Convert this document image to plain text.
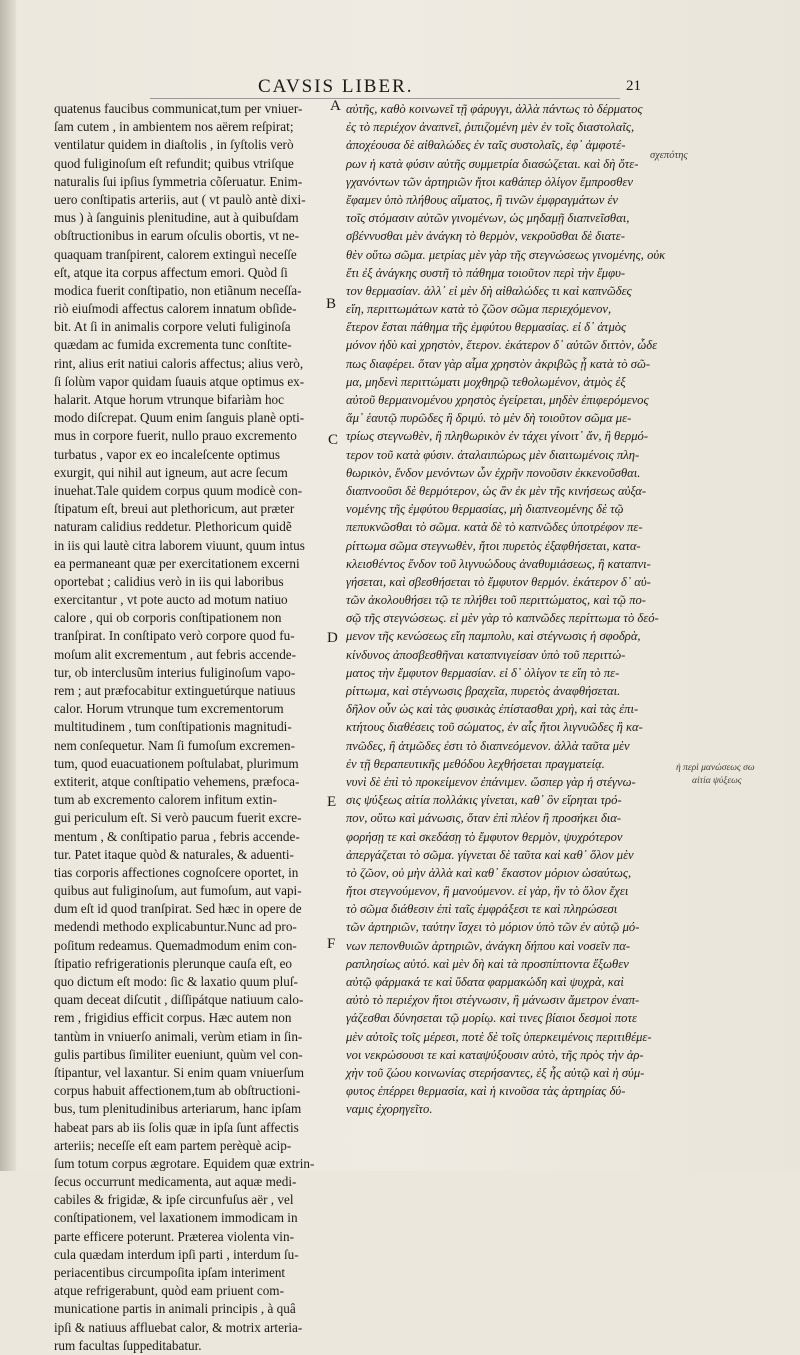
CAVSIS LIBER.	21
quatenus faucibus communicat,tum per vniuer-
ſam cutem , in ambientem nos aërem reſpirat;
ventilatur quidem in diaſtolis , in ſyſtolis verò
quod fuliginoſum eſt refundit; quibus vtriſque
naturalis ſui ipſius ſymmetria cõſeruatur. Enim-
uero conſtipatis arteriis, aut ( vt paulò antè dixi-
mus ) à ſanguinis plenitudine, aut à quibuſdam
obſtructionibus in earum oſculis obortis, vt ne-
quaquam tranſpirent, calorem extinguì neceſſe
eſt, atque ita corpus affectum emori. Quòd ſi
modica fuerit conſtipatio, non etiãnum neceſſa-
riò eiuſmodi affectus calorem innatum obſide-
bit. At ſi in animalis corpore veluti fuliginoſa
quædam ac fumida excrementa tunc conſtite-
rint, alius erit natiui caloris affectus; alius verò,
ſi ſolùm vapor quidam ſuauis atque optimus ex-
halarit. Atque horum vtrunque bifariàm hoc
modo diſcrepat. Quum enim ſanguis planè opti-
mus in corpore fuerit, nullo prauo excremento
turbatus , vapor ex eo incaleſcente optimus
exurgit, qui nihil aut igneum, aut acre ſecum
inuehat.Tale quidem corpus quum modicè con-
ſtipatum eſt, breui aut plethoricum, aut præter
naturam calidius reddetur. Plethoricum quidẽ
in iis qui lautè citra laborem viuunt, quum intus
ea permaneant quæ per exercitationem excerni
oportebat ; calidius verò in iis qui laboribus
exercitantur , vt pote aucto ad motum natiuo
calore , qui ob corporis conſtipationem non
tranſpirat. In conſtipato verò corpore quod fu-
moſum alit excrementum , aut febris accende-
tur, ob interclusũm interius fuliginoſum vapo-
rem ; aut præfocabitur extinguetúrque natiuus
calor. Horum vtrunque tum excrementorum
multitudinem , tum conſtipationis magnitudi-
nem conſequetur. Nam ſi fumoſum excremen-
tum, quod euacuationem poſtulabat, plurimum
extiterit, atque conſtipatio vehemens, præfoca-
tum ab excremento calorem infitum extin-
gui periculum eſt. Si verò paucum fuerit excre-
mentum , & conſtipatio parua , febris accende-
tur. Patet itaque quòd & naturales, & aduenti-
tias corporis affectiones cognoſcere oportet, in
quibus aut fuliginoſum, aut fumoſum, aut vapi-
dum eſt id quod tranſpirat. Sed hæc in opere de
medendi methodo explicabuntur.Nunc ad pro-
poſitum redeamus. Quemadmodum enim con-
ſtipatio refrigerationis plerunque cauſa eſt, eo
quo dictum eſt modo: ſic & laxatio quum pluſ-
quam deceat diſcutit , diſſipátque natiuum calo-
rem , frigidius efficit corpus. Hæc autem non
tantùm in vniuerſo animali, verùm etiam in ſin-
gulis partibus ſimiliter eueniunt, quùm vel con-
ſtipantur, vel laxantur. Si enim quam vniuerſum
corpus habuit affectionem,tum ab obſtructioni-
bus, tum plenitudinibus arteriarum, hanc ipſam
habeat pars ab iis ſolis quæ in ipſa ſunt affectis
arteriis; neceſſe eſt eam partem perèquè acip-
ſum totum corpus ægrotare. Equidem quæ extrin-
ſecus occurrunt medicamenta, aut aquæ medi-
cabiles & frigidæ, & ipſe circunfuſus aër , vel
conſtipationem, vel laxationem immodicam in
parte efficere poterunt. Præterea violenta vin-
cula quædam interdum ipſi parti , interdum ſu-
periacentibus circumpoſita ipſam interiment
atque refrigerabunt, quòd eam priuent com-
municatione partis in animali principis , à quâ
ipſi & natiuus affluebat calor, & motrix arteria-
rum facultas ſuppeditabatur.
αὐτῆς, καθὸ κοινωνεῖ τῇ φάρυγγι, ἀλλὰ πάντως τὸ δέρματος
ἐς τὸ περιέχον ἀναπνεῖ, ῥιπιζομένη μὲν ἐν τοῖς διαστολαῖς,
ἀποχέουσα δὲ αἰθαλώδες ἐν ταῖς συστολαῖς, ἐφ᾽ ἀμφοτέ-
ρων ἡ κατὰ φύσιν αὐτῆς συμμετρία διασώζεται. καὶ δὴ ὅτε-
γχανόντων τῶν ἀρτηριῶν ἤτοι καθάπερ ὀλίγον ἔμπροσθεν
ἔφαμεν ὑπὸ πλήθους αἵματος, ἢ τινῶν ἐμφραγμάτων ἐν
τοῖς στόμασιν αὐτῶν γινομένων, ὡς μηδαμῇ διαπνεῖσθαι,
σβέννυσθαι μὲν ἀνάγκη τὸ θερμὸν, νεκροῦσθαι δὲ διατε-
θὲν οὕτω σῶμα. μετρίας μὲν γὰρ τῆς στεγνώσεως γινομένης, οὐκ
ἔτι ἐξ ἀνάγκης συστῆ τὸ πάθημα τοιοῦτον περὶ τὴν ἔμφυ-
τον θερμασίαν. ἀλλ᾽ εἰ μὲν δὴ αἰθαλώδες τι καὶ καπνῶδες
εἴη, περιττωμάτων κατὰ τὸ ζῶον σῶμα περιεχόμενον,
ἕτερον ἔσται πάθημα τῆς ἐμφύτου θερμασίας. εἰ δ᾽ ἀτμὸς
μόνον ἡδὺ καὶ χρηστὸν, ἕτερον. ἑκάτερον δ᾽ αὐτῶν διττὸν, ὧδε
πως διαφέρει. ὅταν γὰρ αἷμα χρηστὸν ἀκριβῶς ᾖ κατὰ τὸ σῶ-
μα, μηδενὶ περιττώματι μοχθηρῷ τεθολωμένον, ἀτμὸς ἐξ
αὐτοῦ θερμαινομένου χρηστὸς ἐγείρεται, μηδὲν ἐπιφερόμενος
ἅμ᾽ ἑαυτῷ πυρῶδες ἢ δριμύ. τὸ μὲν δὴ τοιοῦτον σῶμα με-
τρίως στεγνωθὲν, ἢ πληθωρικὸν ἐν τάχει γίνοιτ᾽ ἄν, ἢ θερμό-
τερον τοῦ κατὰ φύσιν. ἀταλαιπώρως μὲν διαιτωμένοις πλη-
θωρικὸν, ἔνδον μενόντων ὧν ἐχρῆν πονοῦσιν ἐκκενοῦσθαι.
διαπνοοῦσι δὲ θερμότερον, ὡς ἂν ἐκ μὲν τῆς κινήσεως αὐξα-
νομένης τῆς ἐμφύτου θερμασίας, μὴ διαπνεομένης δὲ τῷ
πεπυκνῶσθαι τὸ σῶμα. κατὰ δὲ τὸ καπνῶδες ὑποτρέφον πε-
ρίττωμα σῶμα στεγνωθὲν, ἤτοι πυρετὸς ἐξαφθήσεται, κατα-
κλεισθέντος ἔνδον τοῦ λιγνυώδους ἀναθυμιάσεως, ἢ καταπνι-
γήσεται, καὶ σβεσθήσεται τὸ ἔμφυτον θερμόν. ἑκάτερον δ᾽ αὐ-
τῶν ἀκολουθήσει τῷ τε πλήθει τοῦ περιττώματος, καὶ τῷ πο-
σῷ τῆς στεγνώσεως. εἰ μὲν γὰρ τὸ καπνῶδες περίττωμα τὸ δεό-
μενον τῆς κενώσεως εἴη παμπολυ, καὶ στέγνωσις ἡ σφοδρὰ,
κίνδυνος ἀποσβεσθῆναι καταπνιγείσαν ὑπὸ τοῦ περιττώ-
ματος τὴν ἔμφυτον θερμασίαν. εἰ δ᾽ ὀλίγον τε εἴη τὸ πε-
ρίττωμα, καὶ στέγνωσις βραχεῖα, πυρετὸς ἀναφθήσεται.
δῆλον οὖν ὡς καὶ τὰς φυσικὰς ἐπίστασθαι χρὴ, καὶ τὰς ἐπι-
κτήτους διαθέσεις τοῦ σώματος, ἐν αἷς ἤτοι λιγνυῶδες ἢ κα-
πνῶδες, ἢ ἀτμῶδες ἐστι τὸ διαπνεόμενον. ἀλλὰ ταῦτα μὲν
ἐν τῇ θεραπευτικῆς μεθόδου λεχθήσεται πραγματείᾳ.
νυνὶ δὲ ἐπὶ τὸ προκείμενον ἐπάνιμεν. ὥσπερ γὰρ ἡ στέγνω-
σις ψύξεως αἰτία πολλάκις γίνεται, καθ᾽ ὃν εἴρηται τρό-
πον, οὕτω καὶ μάνωσις, ὅταν ἐπὶ πλέον ἢ προσήκει δια-
φορήσῃ τε καὶ σκεδάσῃ τὸ ἔμφυτον θερμὸν, ψυχρότερον
ἀπεργάζεται τὸ σῶμα. γίγνεται δὲ ταῦτα καὶ καθ᾽ ὅλον μὲν
τὸ ζῶον, οὐ μὴν ἀλλὰ καὶ καθ᾽ ἕκαστον μόριον ὡσαύτως,
ἤτοι στεγνούμενον, ἢ μανούμενον. εἰ γὰρ, ἣν τὸ ὅλον ἔχει
τὸ σῶμα διάθεσιν ἐπὶ ταῖς ἐμφράξεσι τε καὶ πληρώσεσι
τῶν ἀρτηριῶν, ταύτην ἴσχει τὸ μόριον ὑπὸ τῶν ἐν αὐτῷ μό-
νων πεπονθυιῶν ἀρτηριῶν, ἀνάγκη δήπου καὶ νοσεῖν πα-
ραπλησίως αὐτό. καὶ μὲν δὴ καὶ τὰ προσπίπτοντα ἔξωθεν
αὐτῷ φάρμακά τε καὶ ὕδατα φαρμακώδη καὶ ψυχρὰ, καὶ
αὐτὸ τὸ περιέχον ἤτοι στέγνωσιν, ἢ μάνωσιν ἄμετρον ἐναπ-
γάζεσθαι δύνησεται τῷ μορίῳ. καὶ τινες βίαιοι δεσμοὶ ποτε
μὲν αὐτοῖς τοῖς μέρεσι, ποτὲ δὲ τοῖς ὑπερκειμένοις περιτιθέμε-
νοι νεκρώσουσι τε καὶ καταψύξουσιν αὐτὸ, τῆς πρὸς τὴν ἀρ-
χὴν τοῦ ζώου κοινωνίας στερήσαντες, ἐξ ἧς αὐτῷ καὶ ἡ σύμ-
φυτος ἐπέρρει θερμασία, καὶ ἡ κινοῦσα τὰς ἀρτηρίας δύ-
ναμις ἐχορηγεῖτο.
A
B
C
D
E
F
σχεπότης
ἡ περὶ μανώσεως σω
αἰτία ψύξεως
